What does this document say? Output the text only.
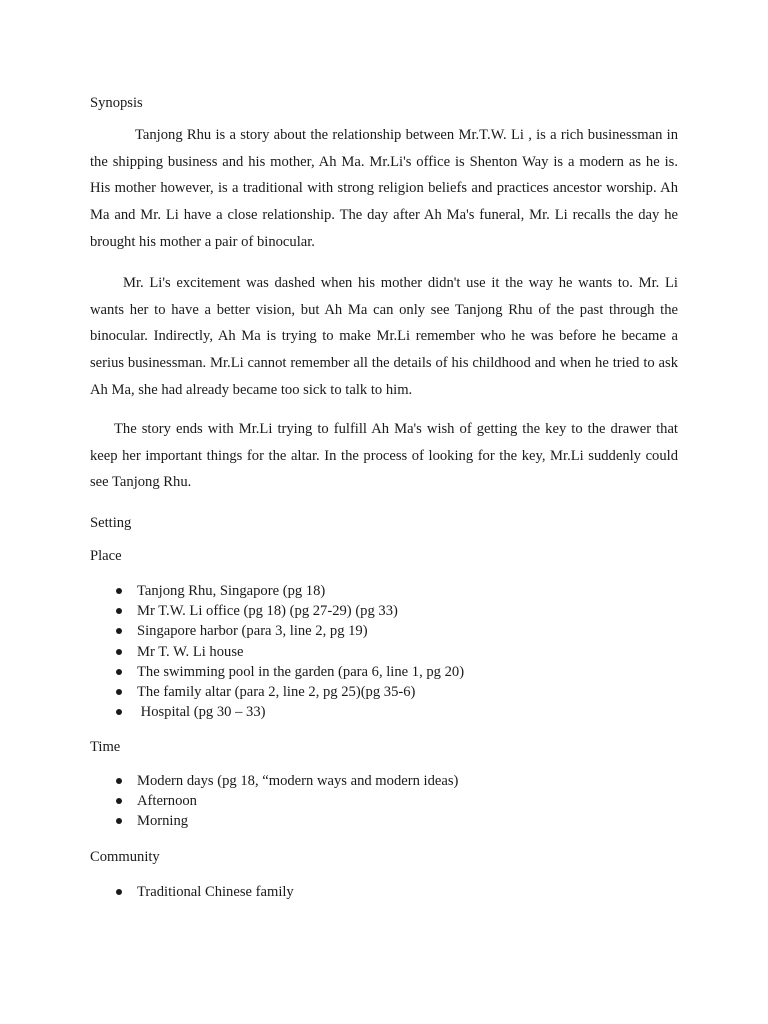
Synopsis

Tanjong Rhu is a story about the relationship between Mr.T.W. Li , is a rich businessman in the shipping business and his mother, Ah Ma. Mr.Li's office is Shenton Way is a modern as he is. His mother however, is a traditional with strong religion beliefs and practices ancestor worship. Ah Ma and Mr. Li have a close relationship. The day after Ah Ma's funeral, Mr. Li recalls the day he brought his mother a pair of binocular.

Mr. Li's excitement was dashed when his mother didn't use it the way he wants to. Mr. Li wants her to have a better vision, but Ah Ma can only see Tanjong Rhu of the past through the binocular. Indirectly, Ah Ma is trying to make Mr.Li remember who he was before he became a serius businessman. Mr.Li cannot remember all the details of his childhood and when he tried to ask Ah Ma, she had already became too sick to talk to him.

The story ends with Mr.Li trying to fulfill Ah Ma's wish of getting the key to the drawer that keep her important things for the altar. In the process of looking for the key, Mr.Li suddenly could see Tanjong Rhu.

Setting
Place
Tanjong Rhu, Singapore (pg 18)
Mr T.W. Li office (pg 18) (pg 27-29) (pg 33)
Singapore harbor (para 3, line 2, pg 19)
Mr T. W. Li house
The swimming pool in the garden (para 6, line 1, pg 20)
The family altar (para 2, line 2, pg 25)(pg 35-6)
Hospital (pg 30 – 33)
Time
Modern days (pg 18, “modern ways and modern ideas)
Afternoon
Morning
Community
Traditional Chinese family
